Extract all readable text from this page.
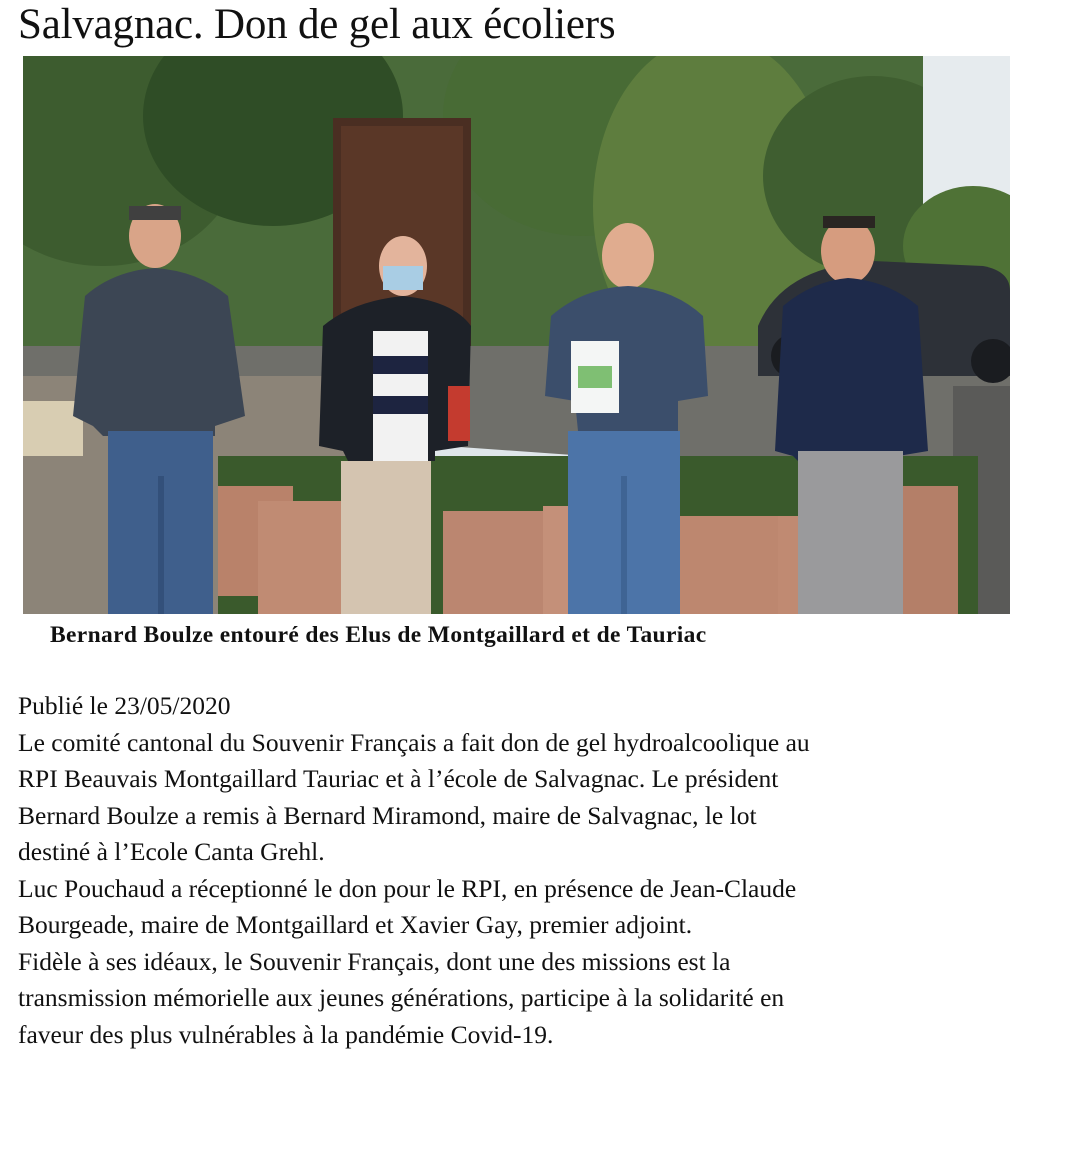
Salvagnac. Don de gel aux écoliers
Bernard Boulze entouré des Elus de Montgaillard et de Tauriac

Publié le 23/05/2020

Le comité cantonal du Souvenir Français a fait don de gel hydroalcoolique au

RPI Beauvais Montgaillard Tauriac et à l’école de Salvagnac. Le président

Bernard Boulze a remis à Bernard Miramond, maire de Salvagnac, le lot

destiné à l’Ecole Canta Grehl.

Luc Pouchaud a réceptionné le don pour le RPI, en présence de Jean-Claude

Bourgeade, maire de Montgaillard et Xavier Gay, premier adjoint.

Fidèle à ses idéaux, le Souvenir Français, dont une des missions est la

transmission mémorielle aux jeunes générations, participe à la solidarité en

faveur des plus vulnérables à la pandémie Covid-19.
